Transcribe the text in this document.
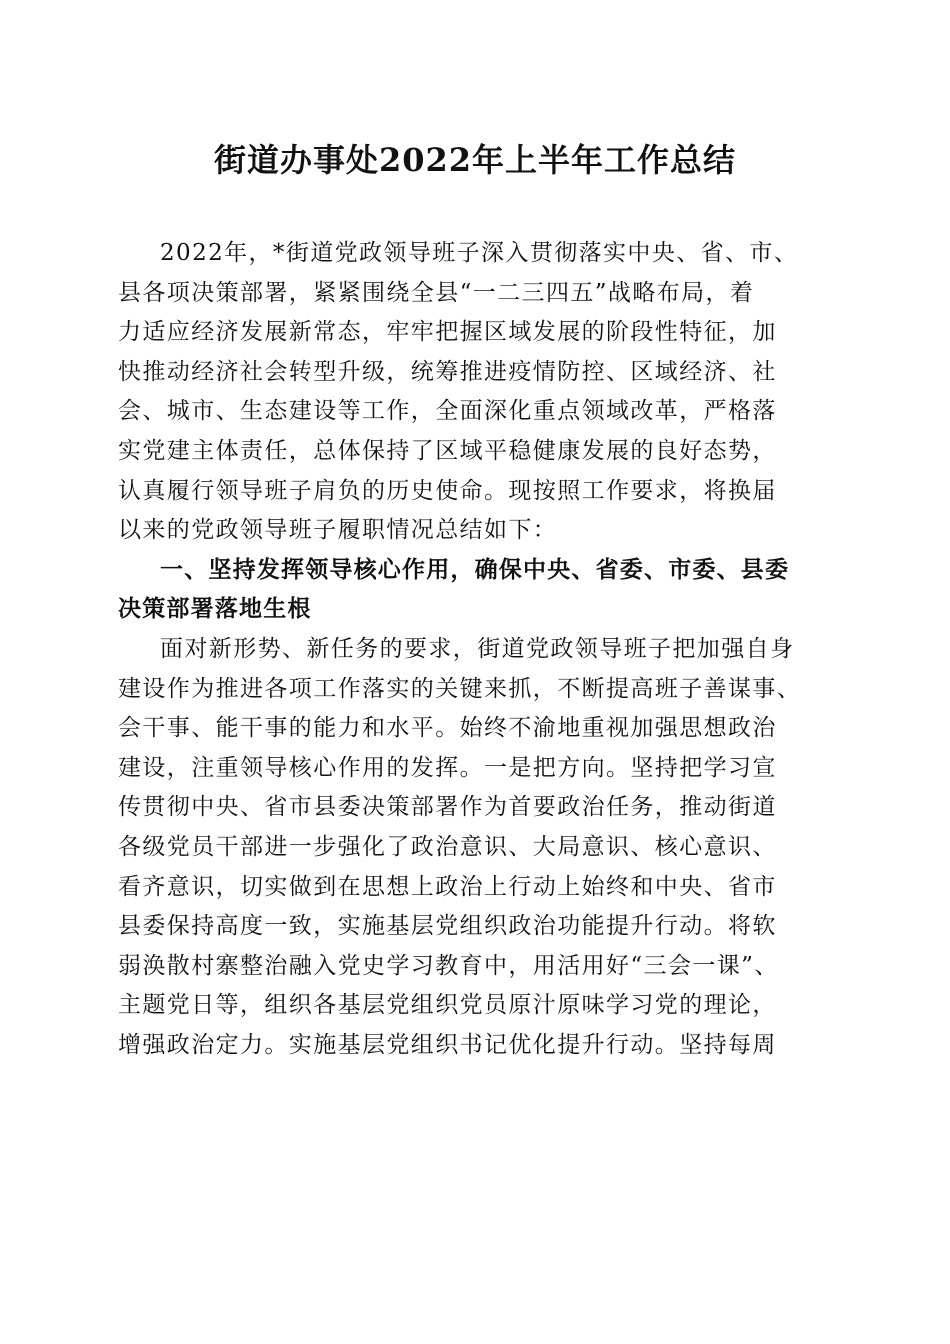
街道办事处2022年上半年工作总结
2022年，*街道党政领导班子深入贯彻落实中央、省、市、
县各项决策部署，紧紧围绕全县“一二三四五”战略布局，着
力适应经济发展新常态，牢牢把握区域发展的阶段性特征，加
快推动经济社会转型升级，统筹推进疫情防控、区域经济、社
会、城市、生态建设等工作，全面深化重点领域改革，严格落
实党建主体责任，总体保持了区域平稳健康发展的良好态势，
认真履行领导班子肩负的历史使命。现按照工作要求，将换届
以来的党政领导班子履职情况总结如下：
一、坚持发挥领导核心作用，确保中央、省委、市委、县委
决策部署落地生根
面对新形势、新任务的要求，街道党政领导班子把加强自身
建设作为推进各项工作落实的关键来抓，不断提高班子善谋事、
会干事、能干事的能力和水平。始终不渝地重视加强思想政治
建设，注重领导核心作用的发挥。一是把方向。坚持把学习宣
传贯彻中央、省市县委决策部署作为首要政治任务，推动街道
各级党员干部进一步强化了政治意识、大局意识、核心意识、
看齐意识，切实做到在思想上政治上行动上始终和中央、省市
县委保持高度一致，实施基层党组织政治功能提升行动。将软
弱涣散村寨整治融入党史学习教育中，用活用好“三会一课”、
主题党日等，组织各基层党组织党员原汁原味学习党的理论，
增强政治定力。实施基层党组织书记优化提升行动。坚持每周
